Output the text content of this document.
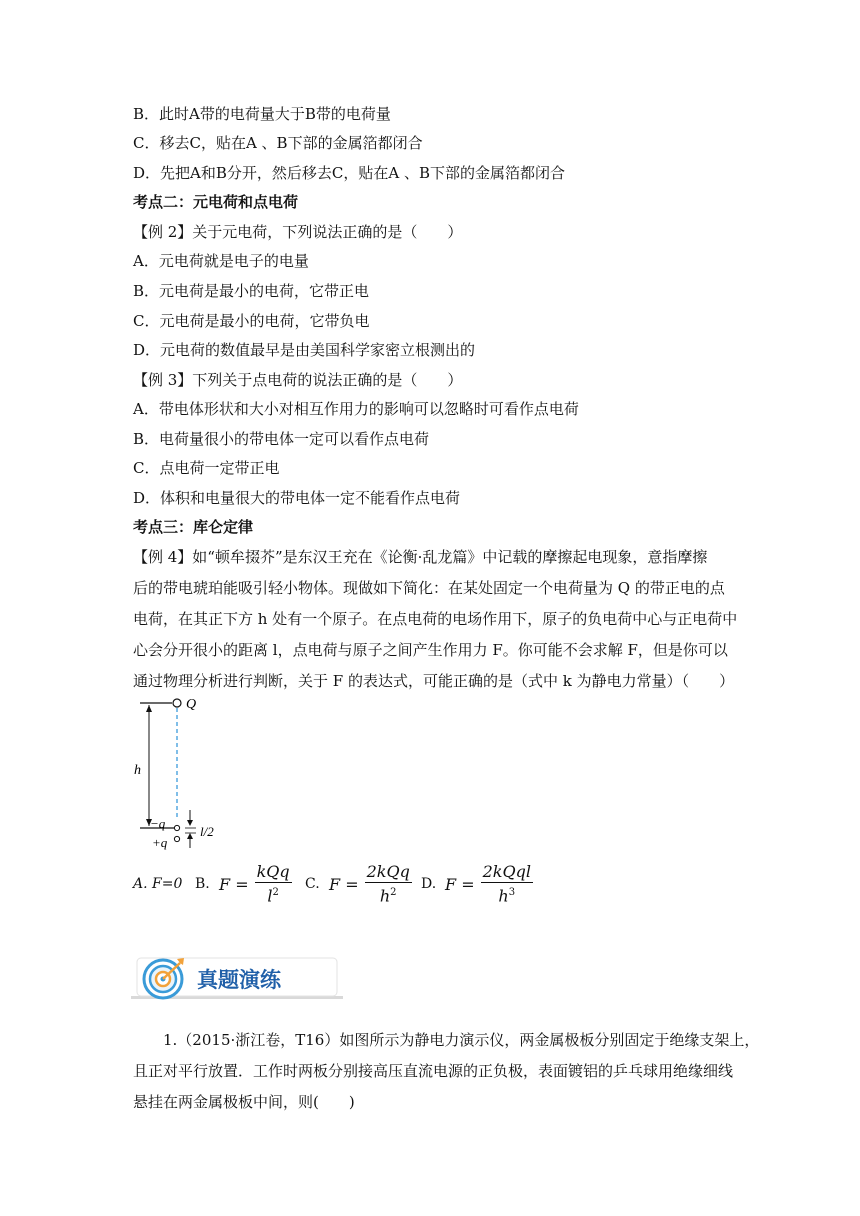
B．此时A带的电荷量大于B带的电荷量
C．移去C，贴在A 、B下部的金属箔都闭合
D．先把A和B分开，然后移去C，贴在A 、B下部的金属箔都闭合
考点二：元电荷和点电荷
【例 2】关于元电荷，下列说法正确的是（　　）
A．元电荷就是电子的电量
B．元电荷是最小的电荷，它带正电
C．元电荷是最小的电荷，它带负电
D．元电荷的数值最早是由美国科学家密立根测出的
【例 3】下列关于点电荷的说法正确的是（　　）
A．带电体形状和大小对相互作用力的影响可以忽略时可看作点电荷
B．电荷量很小的带电体一定可以看作点电荷
C．点电荷一定带正电
D．体积和电量很大的带电体一定不能看作点电荷
考点三：库仑定律
【例 4】如“顿牟掇芥”是东汉王充在《论衡·乱龙篇》中记载的摩擦起电现象，意指摩擦
后的带电琥珀能吸引轻小物体。现做如下简化：在某处固定一个电荷量为 Q 的带正电的点
电荷，在其正下方 h 处有一个原子。在点电荷的电场作用下，原子的负电荷中心与正电荷中
心会分开很小的距离 l，点电荷与原子之间产生作用力 F。你可能不会求解 F，但是你可以
通过物理分析进行判断，关于 F 的表达式，可能正确的是（式中 k 为静电力常量）（　　）
Q
h
−q
+q
l/2
A. F=0 B. $F = \frac{\text{kQq}}{l^2} C$. $F = \frac{\text{2kQq}}{h^2} D$. $F = \frac{\text{2kQql}}{h^3}$
真题演练
1.（2015·浙江卷，T16）如图所示为静电力演示仪，两金属极板分别固定于绝缘支架上，
且正对平行放置．工作时两板分别接高压直流电源的正负极，表面镀铝的乒乓球用绝缘细线
悬挂在两金属极板中间，则(　　)
